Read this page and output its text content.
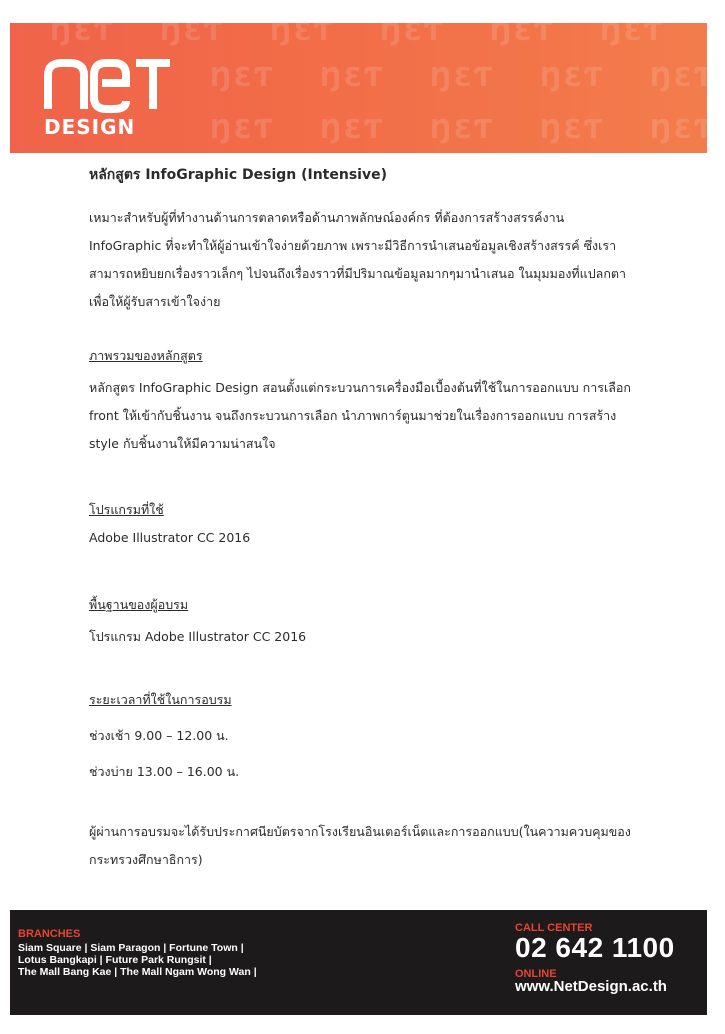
ŊƐƬ ŊƐƬ ŊƐƬ ŊƐƬ ŊƐƬ ŊƐƬ
ŊƐƬ ŊƐƬ ŊƐƬ ŊƐƬ ŊƐƬ
ŊƐƬ ŊƐƬ ŊƐƬ ŊƐƬ ŊƐƬ
DESIGN
หลักสูตร InfoGraphic Design (Intensive)

เหมาะสำหรับผู้ที่ทำงานด้านการตลาดหรือด้านภาพลักษณ์องค์กร ที่ต้องการสร้างสรรค์งาน

InfoGraphic ที่จะทำให้ผู้อ่านเข้าใจง่ายด้วยภาพ เพราะมีวิธีการนำเสนอข้อมูลเชิงสร้างสรรค์ ซึ่งเรา

สามารถหยิบยกเรื่องราวเล็กๆ ไปจนถึงเรื่องราวที่มีปริมาณข้อมูลมากๆมานำเสนอ ในมุมมองที่แปลกตา

เพื่อให้ผู้รับสารเข้าใจง่าย

ภาพรวมของหลักสูตร

หลักสูตร InfoGraphic Design สอนตั้งแต่กระบวนการเครื่องมือเบื้องต้นที่ใช้ในการออกแบบ การเลือก

front ให้เข้ากับชิ้นงาน จนถึงกระบวนการเลือก นำภาพการ์ตูนมาช่วยในเรื่องการออกแบบ การสร้าง

style กับชิ้นงานให้มีความน่าสนใจ

โปรแกรมที่ใช้
Adobe Illustrator CC 2016
พื้นฐานของผู้อบรม
โปรแกรม Adobe Illustrator CC 2016
ระยะเวลาที่ใช้ในการอบรม
ช่วงเช้า 9.00 – 12.00 น.
ช่วงบ่าย 13.00 – 16.00 น.

ผู้ผ่านการอบรมจะได้รับประกาศนียบัตรจากโรงเรียนอินเตอร์เน็ตและการออกแบบ(ในความควบคุมของ

กระทรวงศึกษาธิการ)

BRANCHES
Siam Square | Siam Paragon | Fortune Town |
Lotus Bangkapi | Future Park Rungsit |
The Mall Bang Kae | The Mall Ngam Wong Wan |
CALL CENTER
02 642 1100
ONLINE
www.NetDesign.ac.th
